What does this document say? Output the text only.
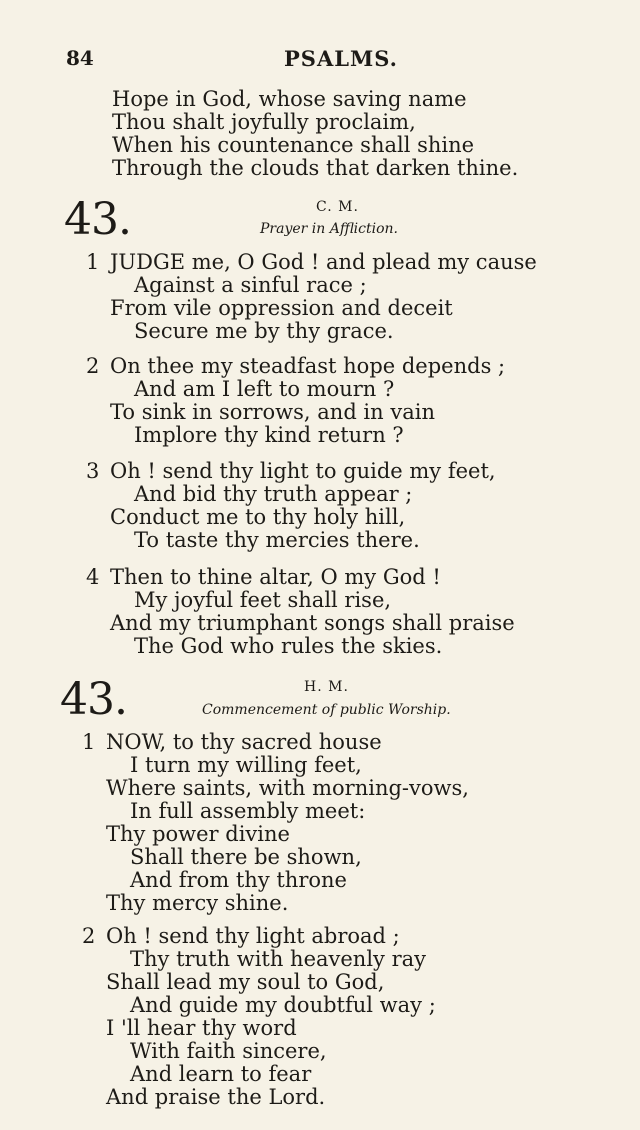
84	PSALMS.
Hope in God, whose saving name
Thou shalt joyfully proclaim,
When his countenance shall shine
Through the clouds that darken thine.
43.	C. M.
Prayer in Affliction.
1 JUDGE me, O God ! and plead my cause
Against a sinful race ;
From vile oppression and deceit
Secure me by thy grace.
2 On thee my steadfast hope depends ;
And am I left to mourn ?
To sink in sorrows, and in vain
Implore thy kind return ?
3 Oh ! send thy light to guide my feet,
And bid thy truth appear ;
Conduct me to thy holy hill,
To taste thy mercies there.
4 Then to thine altar, O my God !
My joyful feet shall rise,
And my triumphant songs shall praise
The God who rules the skies.
43.	H. M.
Commencement of public Worship.
1 NOW, to thy sacred house
I turn my willing feet,
Where saints, with morning-vows,
In full assembly meet:
Thy power divine
Shall there be shown,
And from thy throne
Thy mercy shine.
2 Oh ! send thy light abroad ;
Thy truth with heavenly ray
Shall lead my soul to God,
And guide my doubtful way ;
I 'll hear thy word
With faith sincere,
And learn to fear
And praise the Lord.
